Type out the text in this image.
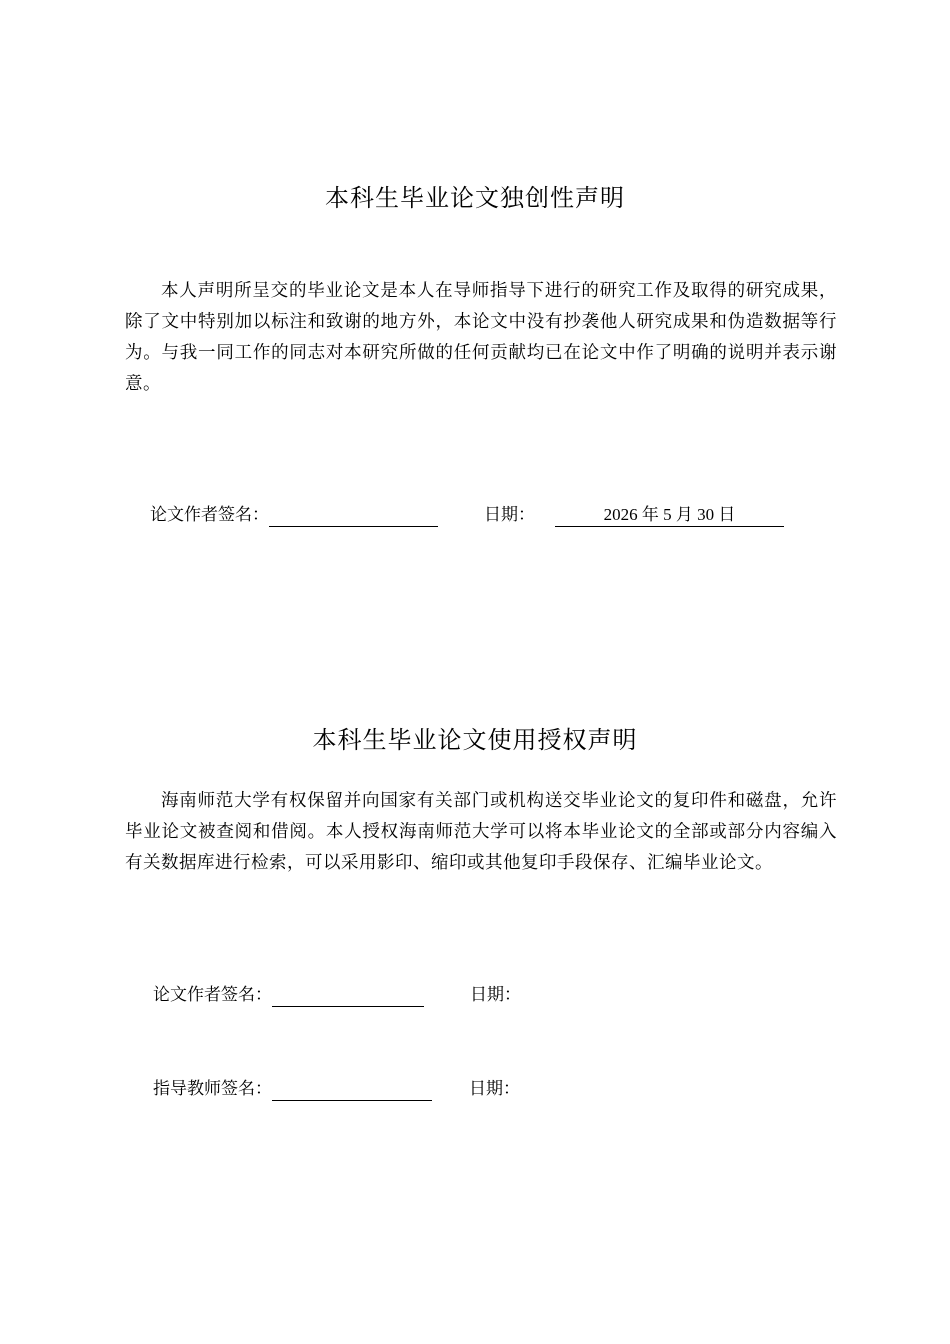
本科生毕业论文独创性声明

本人声明所呈交的毕业论文是本人在导师指导下进行的研究工作及取得的研究成果，除了文中特别加以标注和致谢的地方外，本论文中没有抄袭他人研究成果和伪造数据等行为。与我一同工作的同志对本研究所做的任何贡献均已在论文中作了明确的说明并表示谢意。

论文作者签名：	日期：	2026 年 5 月 30 日
本科生毕业论文使用授权声明

海南师范大学有权保留并向国家有关部门或机构送交毕业论文的复印件和磁盘，允许毕业论文被查阅和借阅。本人授权海南师范大学可以将本毕业论文的全部或部分内容编入有关数据库进行检索，可以采用影印、缩印或其他复印手段保存、汇编毕业论文。

论文作者签名：	日期：
指导教师签名：	日期：
